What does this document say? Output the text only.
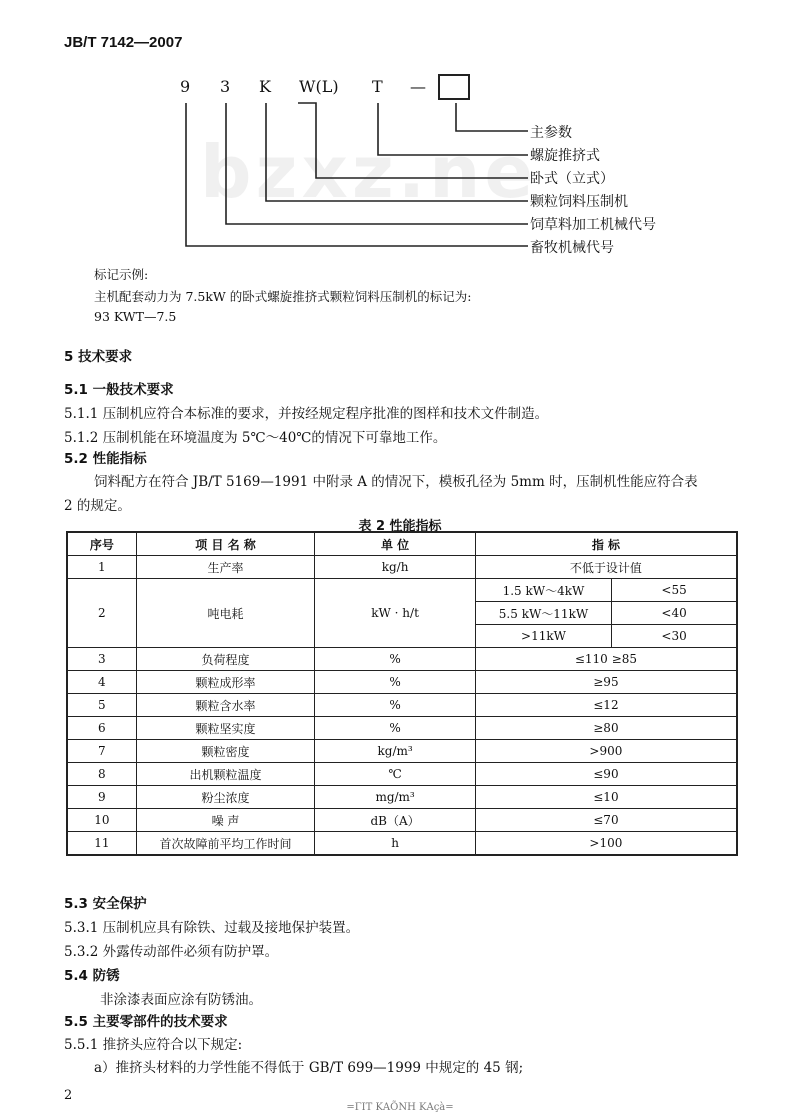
bzxz.ne
JB/T 7142—2007
9 3 K W(L) T —
主参数
螺旋推挤式
卧式（立式）
颗粒饲料压制机
饲草料加工机械代号
畜牧机械代号
标记示例:
主机配套动力为 7.5kW 的卧式螺旋推挤式颗粒饲料压制机的标记为:
93 KWT—7.5
5 技术要求
5.1 一般技术要求
5.1.1 压制机应符合本标准的要求，并按经规定程序批准的图样和技术文件制造。
5.1.2 压制机能在环境温度为 5℃～40℃的情况下可靠地工作。
5.2 性能指标
饲料配方在符合 JB/T 5169—1991 中附录 A 的情况下，模板孔径为 5mm 时，压制机性能应符合表
2 的规定。
表 2 性能指标
序号	项 目 名 称	单 位	指 标	
1	生产率	kg/h	不低于设计值	
2	吨电耗	kW · h/t	1.5 kW～4kW	<55
			5.5 kW～11kW	<40
			>11kW	<30
3	负荷程度	%	≤110 ≥85	
4	颗粒成形率	%	≥95	
5	颗粒含水率	%	≤12	
6	颗粒坚实度	%	≥80	
7	颗粒密度	kg/m³	>900	
8	出机颗粒温度	℃	≤90	
9	粉尘浓度	mg/m³	≤10	
10	噪 声	dB（A）	≤70	
11	首次故障前平均工作时间	h	>100	
5.3 安全保护
5.3.1 压制机应具有除铁、过载及接地保护装置。
5.3.2 外露传动部件必须有防护罩。
5.4 防锈
非涂漆表面应涂有防锈油。
5.5 主要零部件的技术要求
5.5.1 推挤头应符合以下规定:
a）推挤头材料的力学性能不得低于 GB/T 699—1999 中规定的 45 钢;
2
=ΓΙΤ ΚΑÕΝΗ ΚΑçà=
